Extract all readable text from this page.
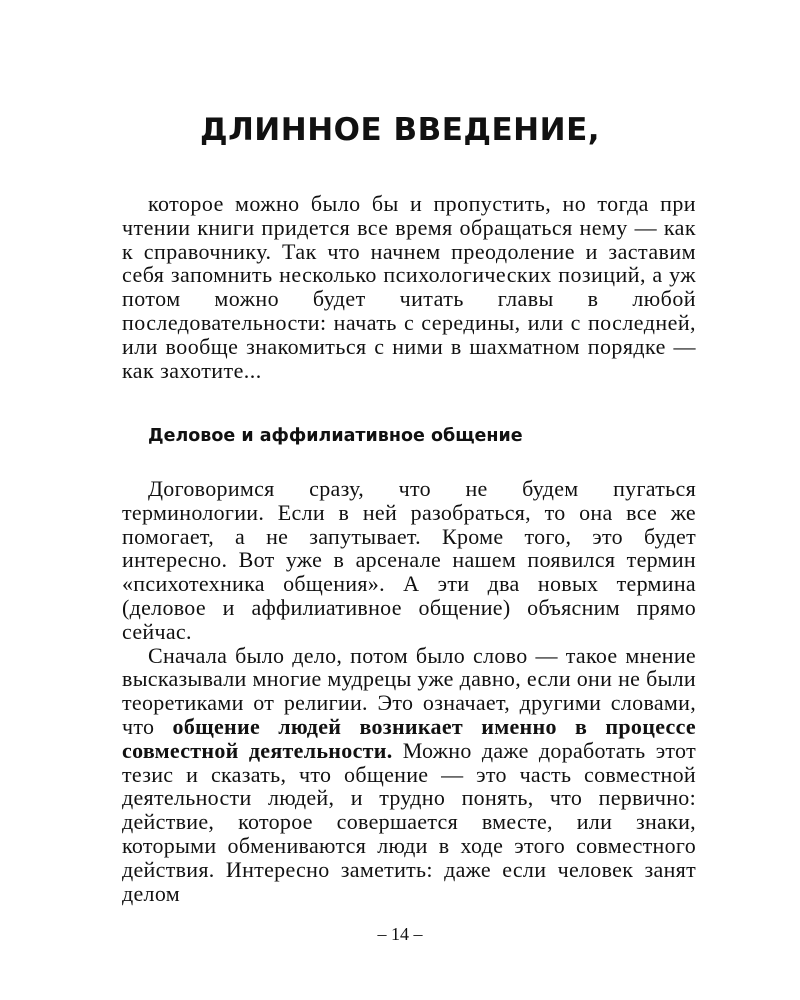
ДЛИННОЕ ВВЕДЕНИЕ,

которое можно было бы и пропустить, но тогда при чтении книги придется все время обращаться нему — как к справочнику. Так что начнем преодоление и заставим себя запомнить несколько психологических позиций, а уж потом можно будет читать главы в любой последовательности: начать с середины, или с последней, или вообще знакомиться с ними в шахматном порядке — как захотите...

Деловое и аффилиативное общение

Договоримся сразу, что не будем пугаться терминологии. Если в ней разобраться, то она все же помогает, а не запутывает. Кроме того, это будет интересно. Вот уже в арсенале нашем появился термин «психотехника общения». А эти два новых термина (деловое и аффилиативное общение) объясним прямо сейчас.

Сначала было дело, потом было слово — такое мнение высказывали многие мудрецы уже давно, если они не были теоретиками от религии. Это означает, другими словами, что общение людей возникает именно в процессе совместной деятельности. Можно даже доработать этот тезис и сказать, что общение — это часть совместной деятельности людей, и трудно понять, что первично: действие, которое совершается вместе, или знаки, которыми обмениваются люди в ходе этого совместного действия. Интересно заметить: даже если человек занят делом

– 14 –
